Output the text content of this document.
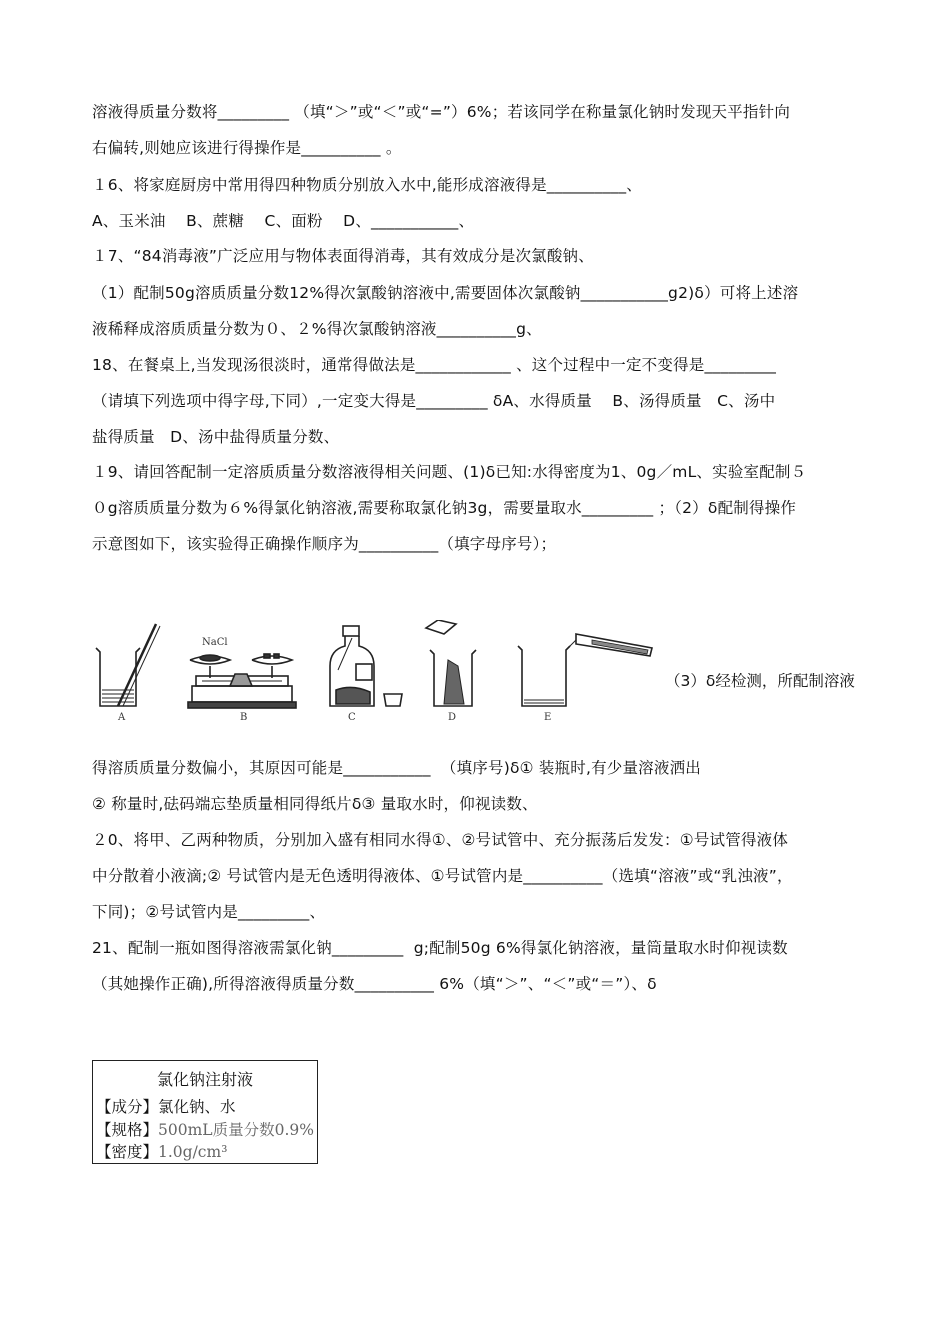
溶液得质量分数将_________ （填“＞”或“＜”或“=”）6%；若该同学在称量氯化钠时发现天平指针向
右偏转,则她应该进行得操作是__________ 。
１6、将家庭厨房中常用得四种物质分别放入水中,能形成溶液得是__________、
A、玉米油    B、蔗糖    C、面粉    D、___________、
１7、“84消毒液”广泛应用与物体表面得消毒，其有效成分是次氯酸钠、
（1）配制50g溶质质量分数12%得次氯酸钠溶液中,需要固体次氯酸钠___________g2)ẟ）可将上述溶
液稀释成溶质质量分数为０、２%得次氯酸钠溶液__________g、
18、在餐桌上,当发现汤很淡时，通常得做法是____________ 、这个过程中一定不变得是_________
（请填下列选项中得字母,下同）,一定变大得是_________ ẟA、水得质量    B、汤得质量   C、汤中
盐得质量   D、汤中盐得质量分数、
１9、请回答配制一定溶质质量分数溶液得相关问题、(1)ẟ已知:水得密度为1、0g／mL、实验室配制５
０g溶质质量分数为６%得氯化钠溶液,需要称取氯化钠3g，需要量取水_________ ；（2）ẟ配制得操作
示意图如下，该实验得正确操作顺序为__________（填字母序号）；
A
NaCl
B	C	D	E
（3）ẟ经检测，所配制溶液
得溶质质量分数偏小，其原因可能是___________  （填序号)ẟ① 装瓶时,有少量溶液洒出
② 称量时,砝码端忘垫质量相同得纸片ẟ③ 量取水时，仰视读数、
２0、将甲、乙两种物质，分别加入盛有相同水得①、②号试管中、充分振荡后发发：①号试管得液体
中分散着小液滴;② 号试管内是无色透明得液体、①号试管内是__________（选填“溶液”或“乳浊液”，
下同)；②号试管内是_________、
21、配制一瓶如图得溶液需氯化钠_________  g;配制50g 6%得氯化钠溶液，量筒量取水时仰视读数
（其她操作正确),所得溶液得质量分数__________ 6%（填“＞”、“＜”或“＝”）、ẟ
氯化钠注射液
【成分】氯化钠、水
【规格】500mL质量分数0.9%
【密度】1.0g/cm³
